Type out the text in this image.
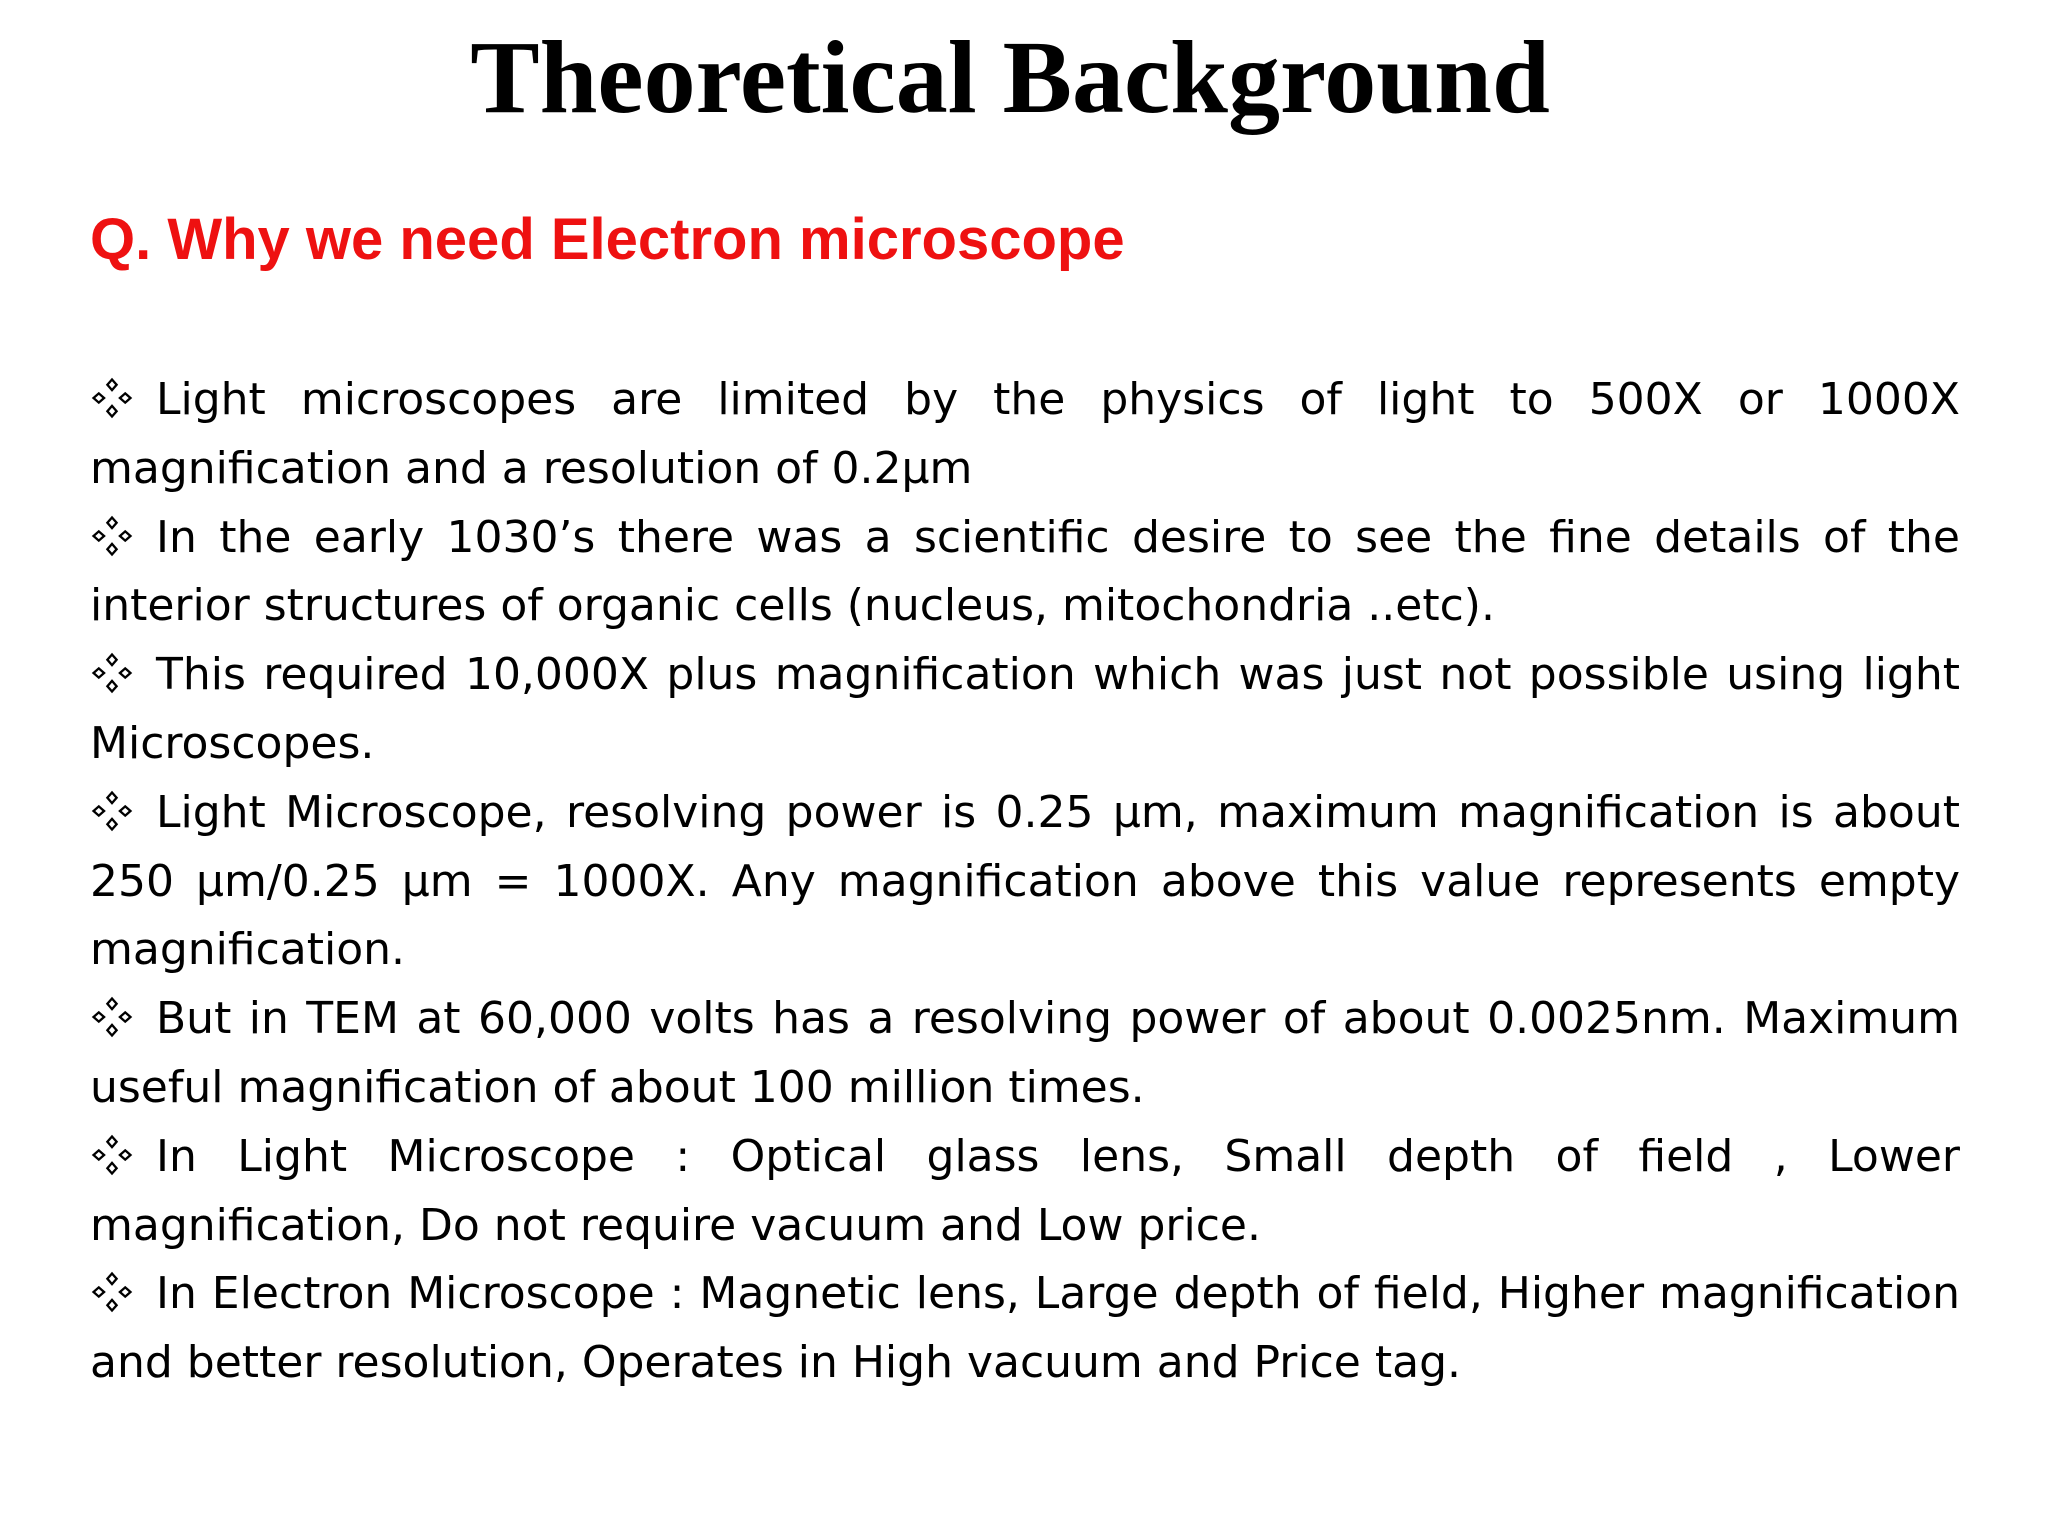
Theoretical Background
Q. Why we need Electron microscope
Light microscopes are limited by the physics of light to 500X or 1000X magnification and a resolution of 0.2µm
In the early 1030’s there was a scientific desire to see the fine details of the interior structures of organic cells (nucleus, mitochondria ..etc).
This required 10,000X plus magnification which was just not possible using light Microscopes.
Light Microscope, resolving power is 0.25 µm, maximum magnification is about 250 µm/0.25 µm = 1000X. Any magnification above this value represents empty magnification.
But in TEM at 60,000 volts has a resolving power of about 0.0025nm. Maximum useful magnification of about 100 million times.
In Light Microscope : Optical glass lens, Small depth of field , Lower magnification, Do not require vacuum and Low price.
In Electron Microscope : Magnetic lens, Large depth of field, Higher magnification and better resolution, Operates in High vacuum and Price tag.
